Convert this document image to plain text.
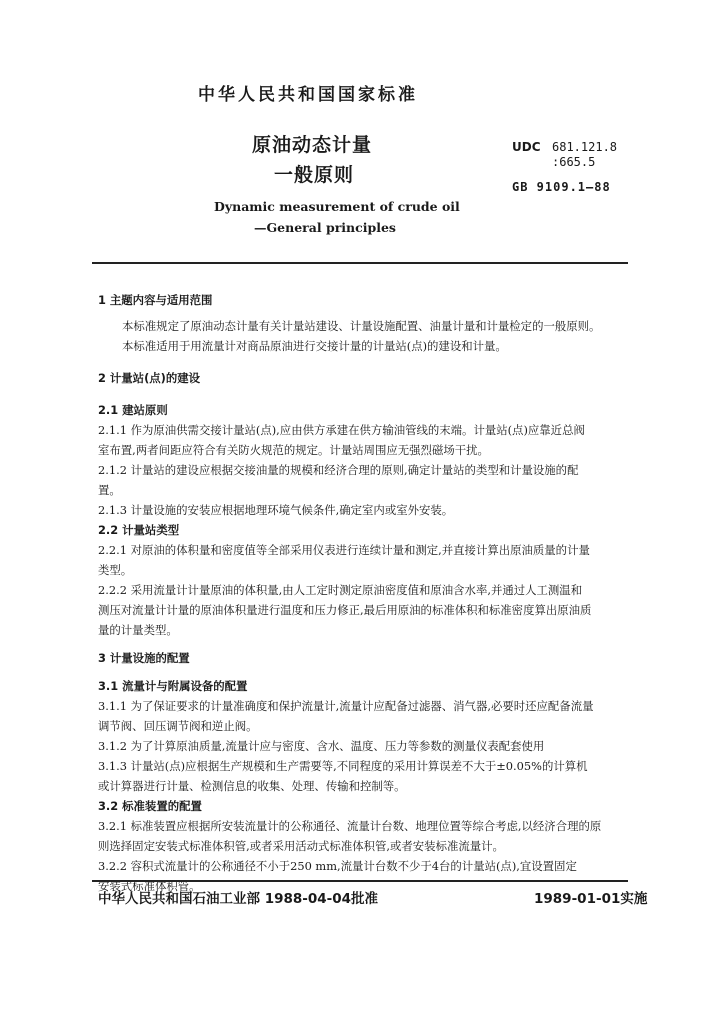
中华人民共和国国家标准
原油动态计量
一般原则
UDC 681.121.8
:665.5
GB 9109.1—88
Dynamic measurement of crude oil
—General principles
1 主题内容与适用范围
本标准规定了原油动态计量有关计量站建设、计量设施配置、油量计量和计量检定的一般原则。
本标准适用于用流量计对商品原油进行交接计量的计量站(点)的建设和计量。
2 计量站(点)的建设
2.1 建站原则
2.1.1 作为原油供需交接计量站(点),应由供方承建在供方输油管线的末端。计量站(点)应靠近总阀
室布置,两者间距应符合有关防火规范的规定。计量站周围应无强烈磁场干扰。
2.1.2 计量站的建设应根据交接油量的规模和经济合理的原则,确定计量站的类型和计量设施的配
置。
2.1.3 计量设施的安装应根据地理环境气候条件,确定室内或室外安装。
2.2 计量站类型
2.2.1 对原油的体积量和密度值等全部采用仪表进行连续计量和测定,并直接计算出原油质量的计量
类型。
2.2.2 采用流量计计量原油的体积量,由人工定时测定原油密度值和原油含水率,并通过人工测温和
测压对流量计计量的原油体积量进行温度和压力修正,最后用原油的标准体积和标准密度算出原油质
量的计量类型。
3 计量设施的配置
3.1 流量计与附属设备的配置
3.1.1 为了保证要求的计量准确度和保护流量计,流量计应配备过滤器、消气器,必要时还应配备流量
调节阀、回压调节阀和逆止阀。
3.1.2 为了计算原油质量,流量计应与密度、含水、温度、压力等参数的测量仪表配套使用
3.1.3 计量站(点)应根据生产规模和生产需要等,不同程度的采用计算误差不大于±0.05%的计算机
或计算器进行计量、检测信息的收集、处理、传输和控制等。
3.2 标准装置的配置
3.2.1 标准装置应根据所安装流量计的公称通径、流量计台数、地理位置等综合考虑,以经济合理的原
则选择固定安装式标准体积管,或者采用活动式标准体积管,或者安装标准流量计。
3.2.2 容积式流量计的公称通径不小于250 mm,流量计台数不少于4台的计量站(点),宜设置固定
安装式标准体积管。
中华人民共和国石油工业部 1988-04-04批准	1989-01-01实施
